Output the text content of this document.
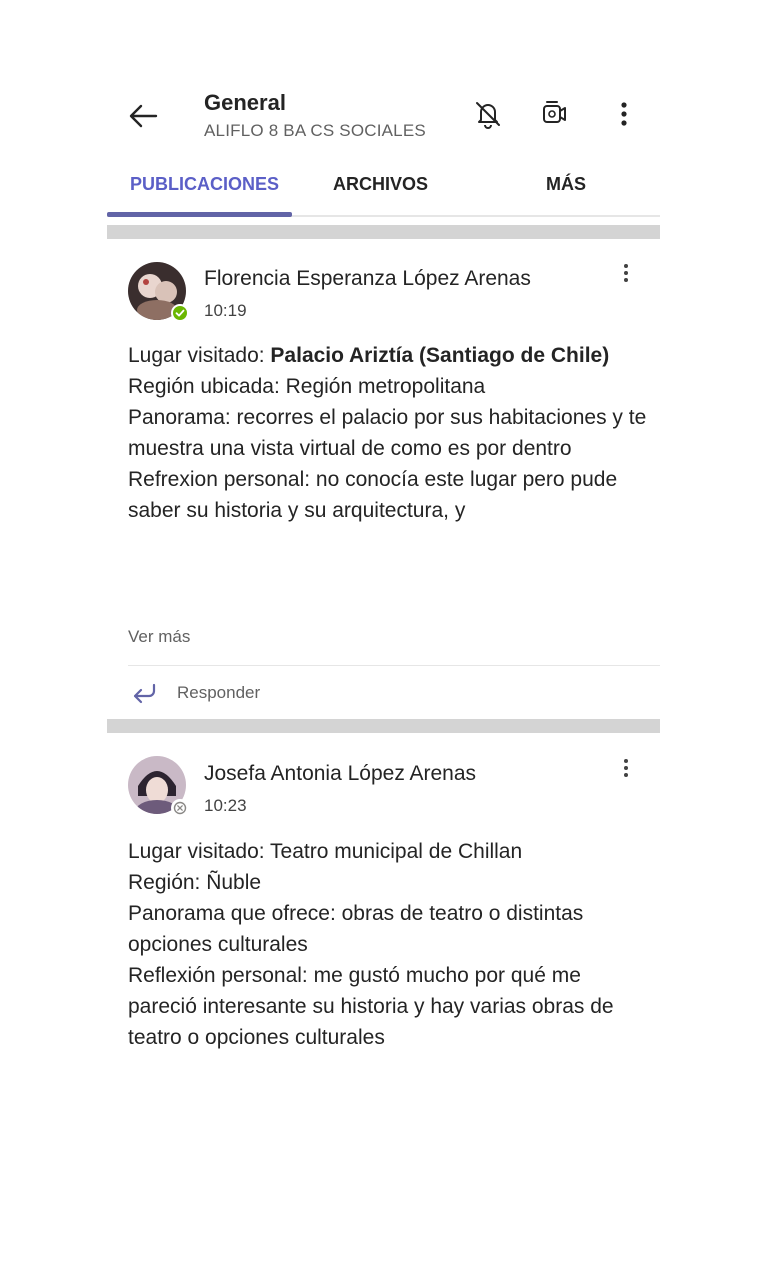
General
ALIFLO 8 BA CS SOCIALES
PUBLICACIONES	ARCHIVOS	MÁS
Florencia Esperanza López Arenas
10:19

Lugar visitado: Palacio Ariztía (Santiago de Chile)

Región ubicada: Región metropolitana

Panorama: recorres el palacio por sus habitaciones y te muestra una vista virtual de como es por dentro

Refrexion personal: no conocía este lugar pero pude saber su historia y su arquitectura, y

Ver más
Responder
Josefa Antonia López Arenas
10:23

Lugar visitado: Teatro municipal de Chillan

Región: Ñuble

Panorama que ofrece: obras de teatro o distintas opciones culturales

Reflexión personal: me gustó mucho por qué me pareció interesante su historia y hay varias obras de teatro o opciones culturales
